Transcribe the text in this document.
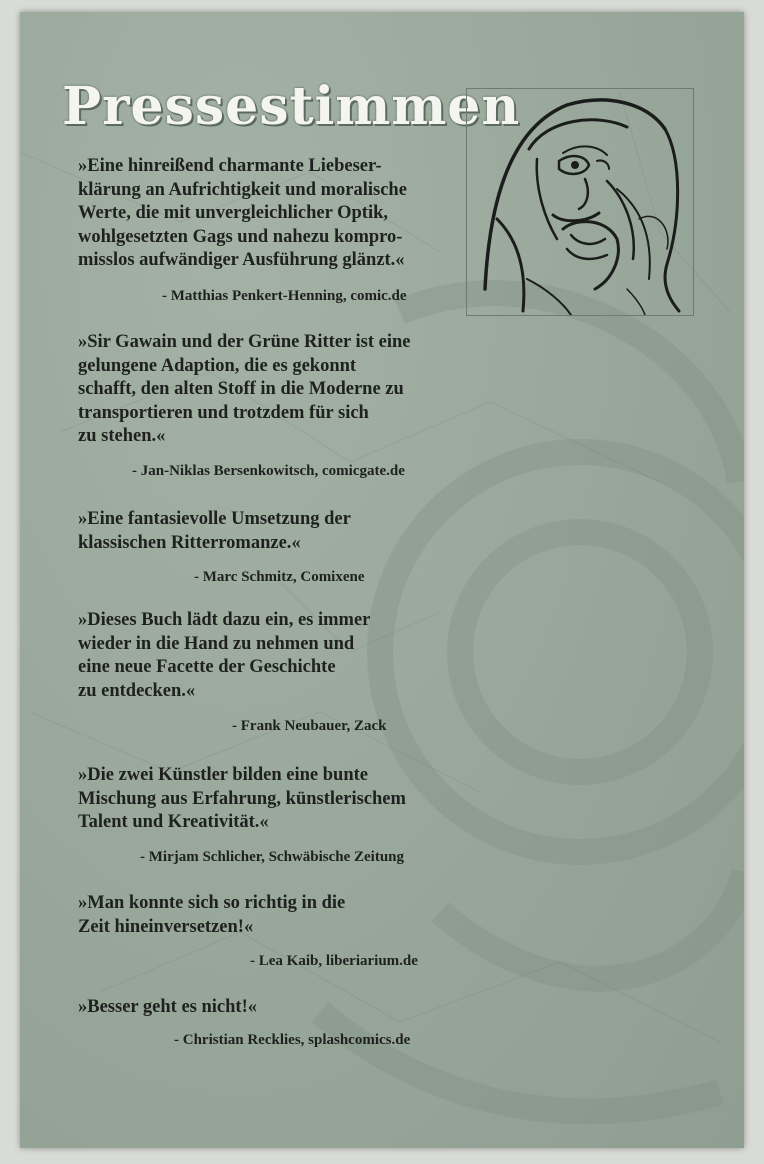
Pressestimmen

»Eine hinreißend charmante Liebeser-
klärung an Aufrichtigkeit und moralische
Werte, die mit unvergleichlicher Optik,
wohlgesetzten Gags und nahezu kompro-
misslos aufwändiger Ausführung glänzt.«

- Matthias Penkert-Henning, comic.de

»Sir Gawain und der Grüne Ritter ist eine
gelungene Adaption, die es gekonnt
schafft, den alten Stoff in die Moderne zu
transportieren und trotzdem für sich
zu stehen.«

- Jan-Niklas Bersenkowitsch, comicgate.de

»Eine fantasievolle Umsetzung der
klassischen Ritterromanze.«

- Marc Schmitz, Comixene

»Dieses Buch lädt dazu ein, es immer
wieder in die Hand zu nehmen und
eine neue Facette der Geschichte
zu entdecken.«

- Frank Neubauer, Zack

»Die zwei Künstler bilden eine bunte
Mischung aus Erfahrung, künstlerischem
Talent und Kreativität.«

- Mirjam Schlicher, Schwäbische Zeitung

»Man konnte sich so richtig in die
Zeit hineinversetzen!«

- Lea Kaib, liberiarium.de

»Besser geht es nicht!«

- Christian Recklies, splashcomics.de
